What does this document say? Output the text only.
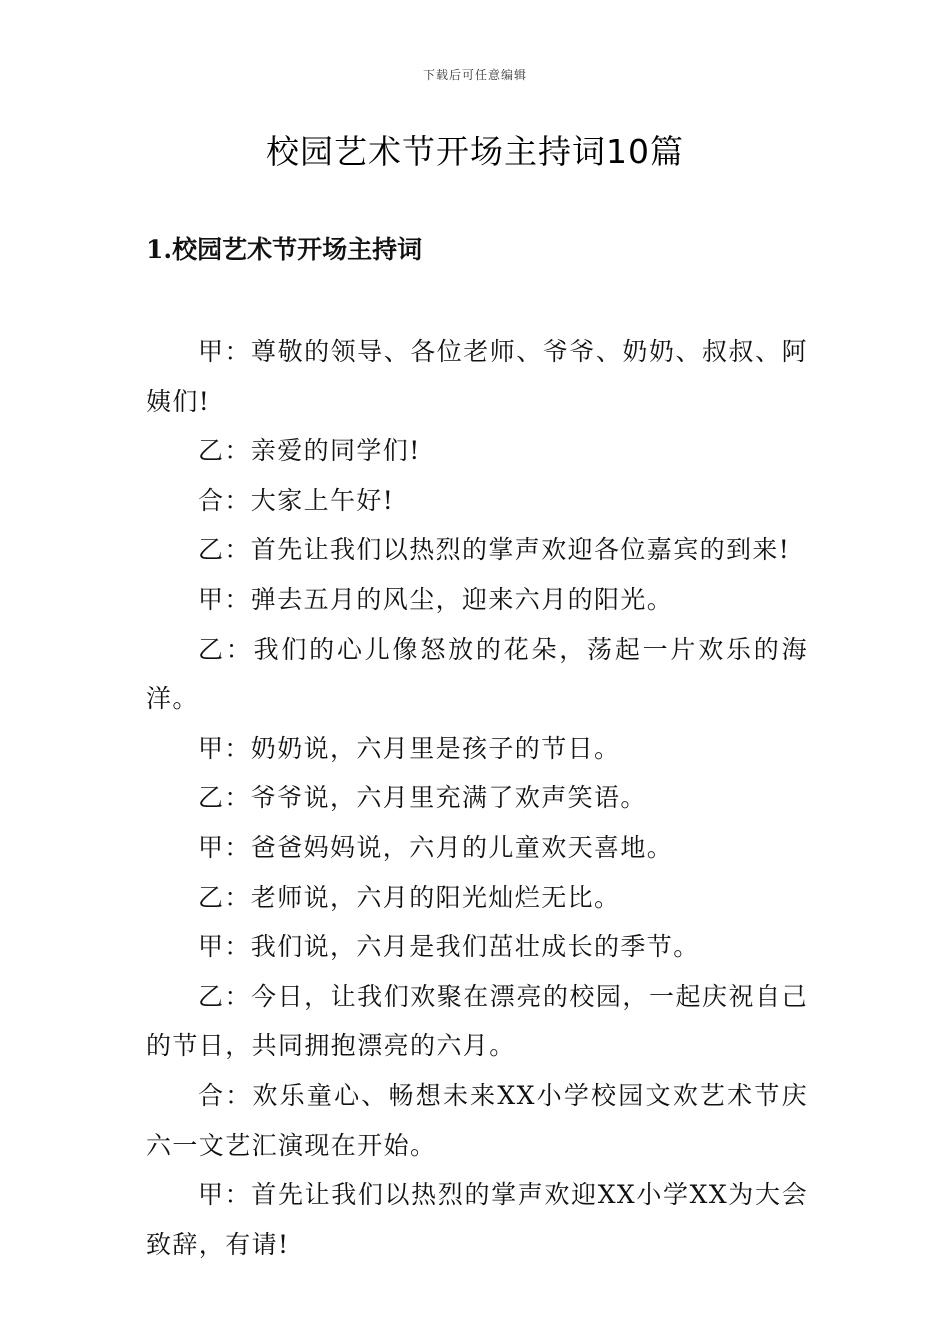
下载后可任意编辑
校园艺术节开场主持词10篇
1.校园艺术节开场主持词

甲：尊敬的领导、各位老师、爷爷、奶奶、叔叔、阿姨们!

乙：亲爱的同学们!

合：大家上午好!

乙：首先让我们以热烈的掌声欢迎各位嘉宾的到来!

甲：弹去五月的风尘，迎来六月的阳光。

乙：我们的心儿像怒放的花朵，荡起一片欢乐的海洋。

甲：奶奶说，六月里是孩子的节日。

乙：爷爷说，六月里充满了欢声笑语。

甲：爸爸妈妈说，六月的儿童欢天喜地。

乙：老师说，六月的阳光灿烂无比。

甲：我们说，六月是我们茁壮成长的季节。

乙：今日，让我们欢聚在漂亮的校园，一起庆祝自己的节日，共同拥抱漂亮的六月。

合：欢乐童心、畅想未来XX小学校园文欢艺术节庆六一文艺汇演现在开始。

甲：首先让我们以热烈的掌声欢迎XX小学XX为大会致辞，有请!
